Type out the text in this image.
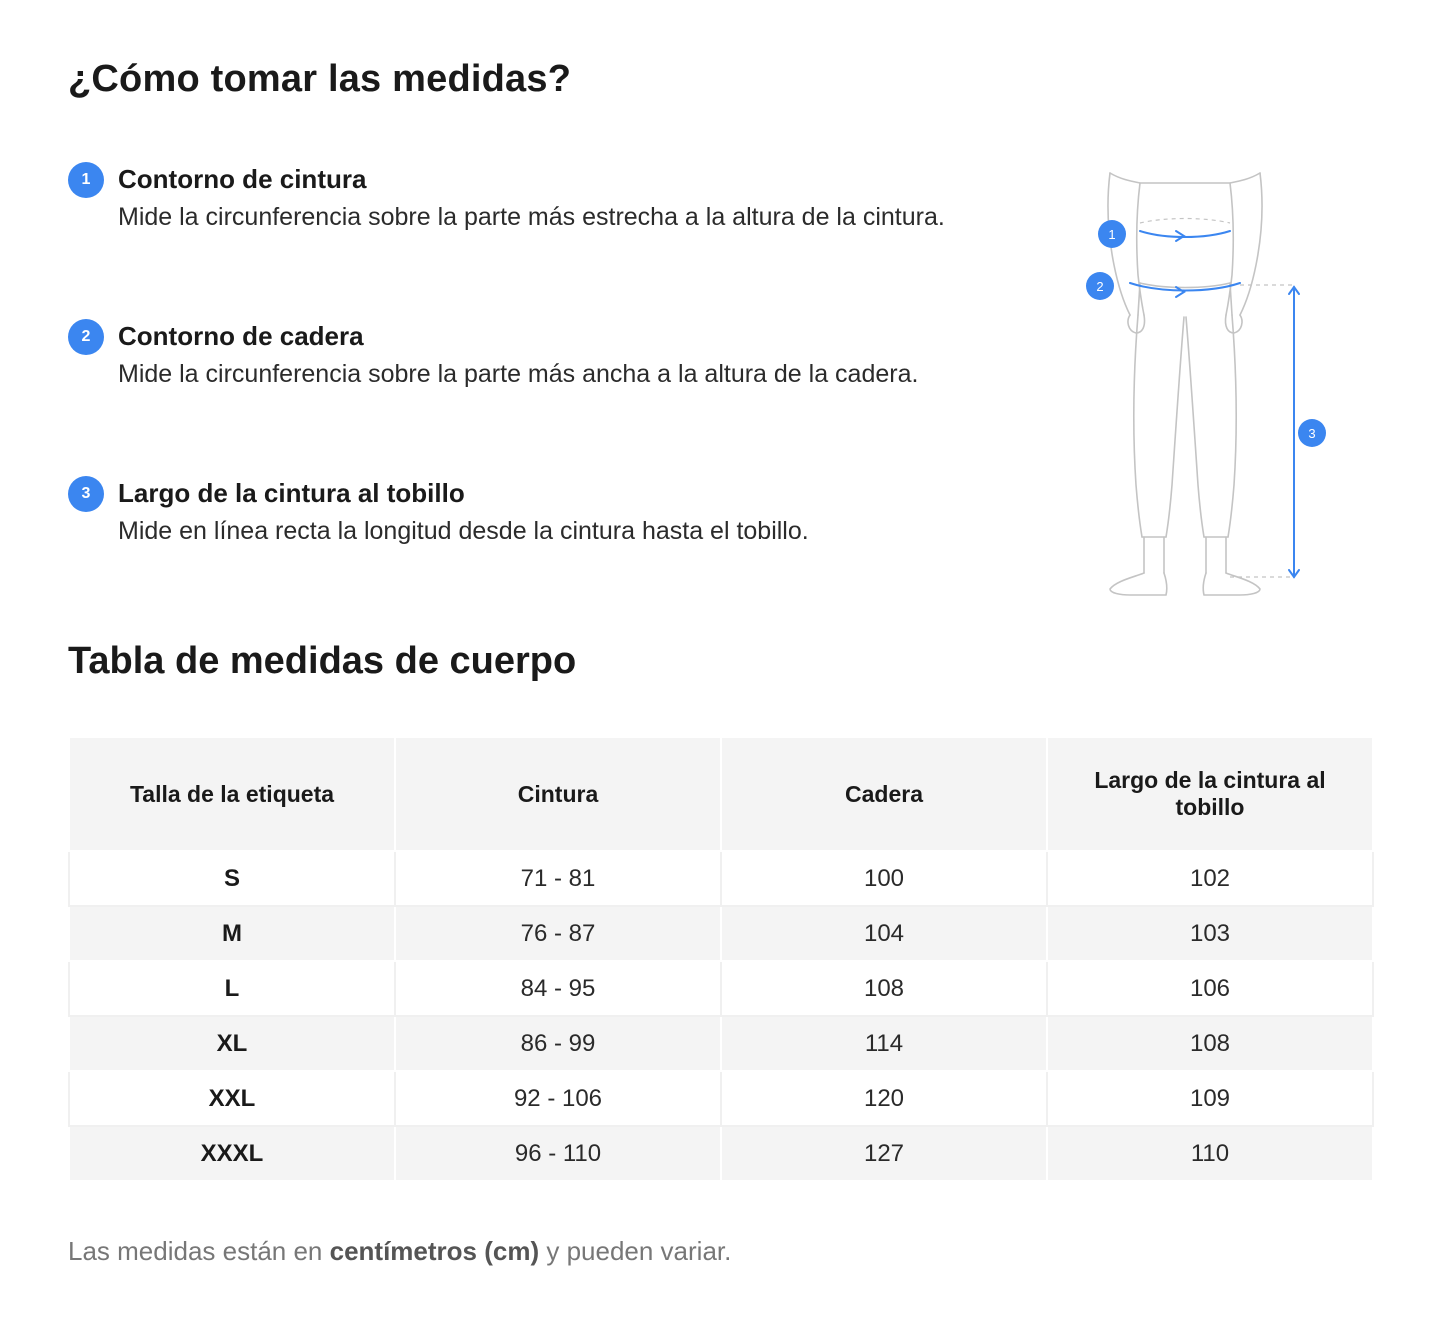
¿Cómo tomar las medidas?
1	Contorno de cintura
Mide la circunferencia sobre la parte más estrecha a la altura de la cintura.
2	Contorno de cadera
Mide la circunferencia sobre la parte más ancha a la altura de la cadera.
3	Largo de la cintura al tobillo
Mide en línea recta la longitud desde la cintura hasta el tobillo.
1
2
3
Tabla de medidas de cuerpo
Talla de la etiqueta	Cintura	Cadera	Largo de la cintura al tobillo
S	71 - 81	100	102
M	76 - 87	104	103
L	84 - 95	108	106
XL	86 - 99	114	108
XXL	92 - 106	120	109
XXXL	96 - 110	127	110
Las medidas están en centímetros (cm) y pueden variar.
